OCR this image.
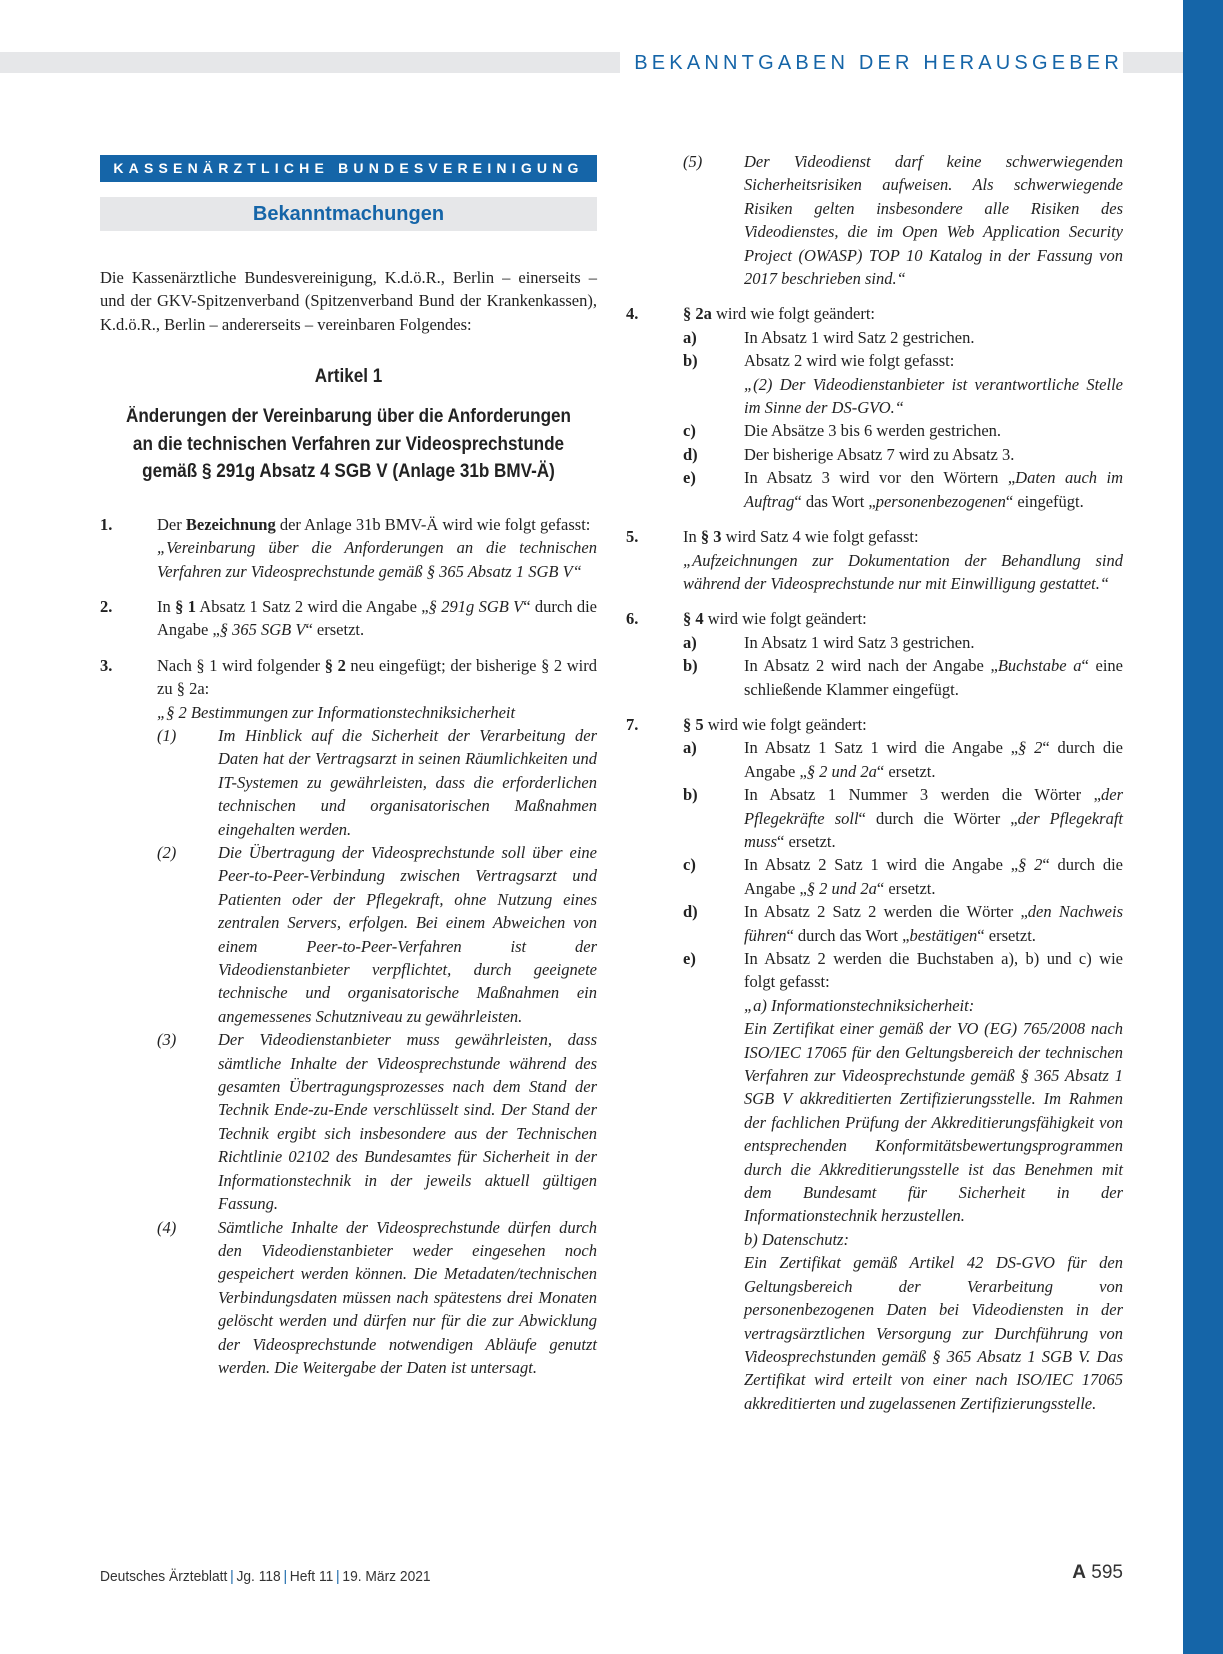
BEKANNTGABEN DER HERAUSGEBER
KASSENÄRZTLICHE BUNDESVEREINIGUNG
Bekanntmachungen

Die Kassenärztliche Bundesvereinigung, K.d.ö.R., Berlin – einerseits – und der GKV-Spitzenverband (Spitzenverband Bund der Krankenkassen), K.d.ö.R., Berlin – andererseits – vereinbaren Folgendes:

Artikel 1
Änderungen der Vereinbarung über die Anforderungen an die technischen Verfahren zur Videosprechstunde gemäß § 291g Absatz 4 SGB V (Anlage 31b BMV-Ä)
1.	Der Bezeichnung der Anlage 31b BMV-Ä wird wie folgt gefasst:
„Vereinbarung über die Anforderungen an die technischen Verfahren zur Videosprechstunde gemäß § 365 Absatz 1 SGB V“
2.	In § 1 Absatz 1 Satz 2 wird die Angabe „§ 291g SGB V“ durch die Angabe „§ 365 SGB V“ ersetzt.
3.	Nach § 1 wird folgender § 2 neu eingefügt; der bisherige § 2 wird zu § 2a:
„§ 2 Bestimmungen zur Informationstechniksicherheit
(1)	Im Hinblick auf die Sicherheit der Verarbeitung der Daten hat der Vertragsarzt in seinen Räumlichkeiten und IT-Systemen zu gewährleisten, dass die erforderlichen technischen und organisatorischen Maßnahmen eingehalten werden.
(2)	Die Übertragung der Videosprechstunde soll über eine Peer-to-Peer-Verbindung zwischen Vertragsarzt und Patienten oder der Pflegekraft, ohne Nutzung eines zentralen Servers, erfolgen. Bei einem Abweichen von einem Peer-to-Peer-Verfahren ist der Videodienstanbieter verpflichtet, durch geeignete technische und organisatorische Maßnahmen ein angemessenes Schutzniveau zu gewährleisten.
(3)	Der Videodienstanbieter muss gewährleisten, dass sämtliche Inhalte der Videosprechstunde während des gesamten Übertragungsprozesses nach dem Stand der Technik Ende-zu-Ende verschlüsselt sind. Der Stand der Technik ergibt sich insbesondere aus der Technischen Richtlinie 02102 des Bundesamtes für Sicherheit in der Informationstechnik in der jeweils aktuell gültigen Fassung.
(4)	Sämtliche Inhalte der Videosprechstunde dürfen durch den Videodienstanbieter weder eingesehen noch gespeichert werden können. Die Metadaten/technischen Verbindungsdaten müssen nach spätestens drei Monaten gelöscht werden und dürfen nur für die zur Abwicklung der Videosprechstunde notwendigen Abläufe genutzt werden. Die Weitergabe der Daten ist untersagt.
(5)	Der Videodienst darf keine schwerwiegenden Sicherheitsrisiken aufweisen. Als schwerwiegende Risiken gelten insbesondere alle Risiken des Videodienstes, die im Open Web Application Security Project (OWASP) TOP 10 Katalog in der Fassung von 2017 beschrieben sind.“
4.	§ 2a wird wie folgt geändert:
a)	In Absatz 1 wird Satz 2 gestrichen.
b)	Absatz 2 wird wie folgt gefasst:
„(2) Der Videodienstanbieter ist verantwortliche Stelle im Sinne der DS-GVO.“
c)	Die Absätze 3 bis 6 werden gestrichen.
d)	Der bisherige Absatz 7 wird zu Absatz 3.
e)	In Absatz 3 wird vor den Wörtern „Daten auch im Auftrag“ das Wort „personenbezogenen“ eingefügt.
5.	In § 3 wird Satz 4 wie folgt gefasst:
„Aufzeichnungen zur Dokumentation der Behandlung sind während der Videosprechstunde nur mit Einwilligung gestattet.“
6.	§ 4 wird wie folgt geändert:
a)	In Absatz 1 wird Satz 3 gestrichen.
b)	In Absatz 2 wird nach der Angabe „Buchstabe a“ eine schließende Klammer eingefügt.
7.	§ 5 wird wie folgt geändert:
a)	In Absatz 1 Satz 1 wird die Angabe „§ 2“ durch die Angabe „§ 2 und 2a“ ersetzt.
b)	In Absatz 1 Nummer 3 werden die Wörter „der Pflegekräfte soll“ durch die Wörter „der Pflegekraft muss“ ersetzt.
c)	In Absatz 2 Satz 1 wird die Angabe „§ 2“ durch die Angabe „§ 2 und 2a“ ersetzt.
d)	In Absatz 2 Satz 2 werden die Wörter „den Nachweis führen“ durch das Wort „bestätigen“ ersetzt.
e)	In Absatz 2 werden die Buchstaben a), b) und c) wie folgt gefasst:
„a) Informationstechniksicherheit:
Ein Zertifikat einer gemäß der VO (EG) 765/2008 nach ISO/IEC 17065 für den Geltungsbereich der technischen Verfahren zur Videosprechstunde gemäß § 365 Absatz 1 SGB V akkreditierten Zertifizierungsstelle. Im Rahmen der fachlichen Prüfung der Akkreditierungsfähigkeit von entsprechenden Konformitätsbewertungsprogrammen durch die Akkreditierungsstelle ist das Benehmen mit dem Bundesamt für Sicherheit in der Informationstechnik herzustellen.
b) Datenschutz:
Ein Zertifikat gemäß Artikel 42 DS-GVO für den Geltungsbereich der Verarbeitung von personenbezogenen Daten bei Videodiensten in der vertragsärztlichen Versorgung zur Durchführung von Videosprechstunden gemäß § 365 Absatz 1 SGB V. Das Zertifikat wird erteilt von einer nach ISO/IEC 17065 akkreditierten und zugelassenen Zertifizierungsstelle.
Deutsches Ärzteblatt | Jg. 118 | Heft 11 | 19. März 2021	A 595
